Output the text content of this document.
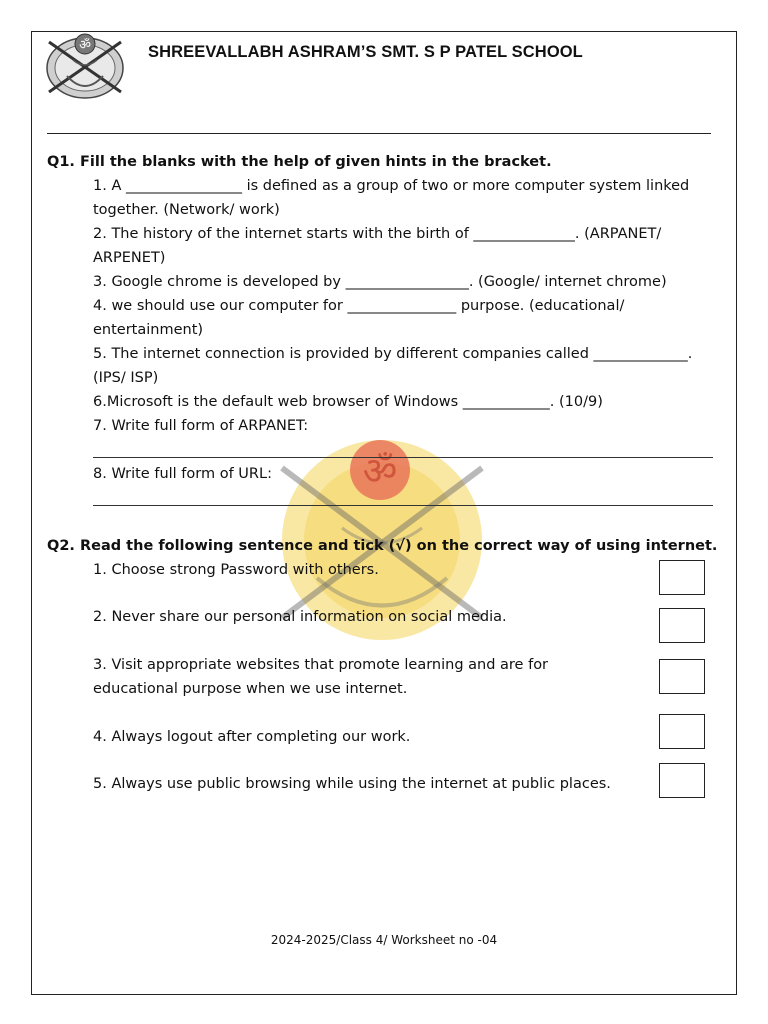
ॐ	SHREEVALLABH ASHRAM’S SMT. S P PATEL SCHOOL
ॐ
Q1. Fill the blanks with the help of given hints in the bracket.
1. A ________________ is defined as a group of two or more computer system linked
together. (Network/ work)
2. The history of the internet starts with the birth of ______________. (ARPANET/
ARPENET)
3. Google chrome is developed by _________________. (Google/ internet chrome)
4. we should use our computer for _______________ purpose. (educational/
entertainment)
5. The internet connection is provided by different companies called _____________.
(IPS/ ISP)
6.Microsoft is the default web browser of Windows ____________. (10/9)
7. Write full form of ARPANET:
8. Write full form of URL:
Q2. Read the following sentence and tick (√) on the correct way of using internet.
1. Choose strong Password with others.
2. Never share our personal information on social media.
3. Visit appropriate websites that promote learning and are for
educational purpose when we use internet.
4. Always logout after completing our work.
5. Always use public browsing while using the internet at public places.
2024-2025/Class 4/ Worksheet no -04
